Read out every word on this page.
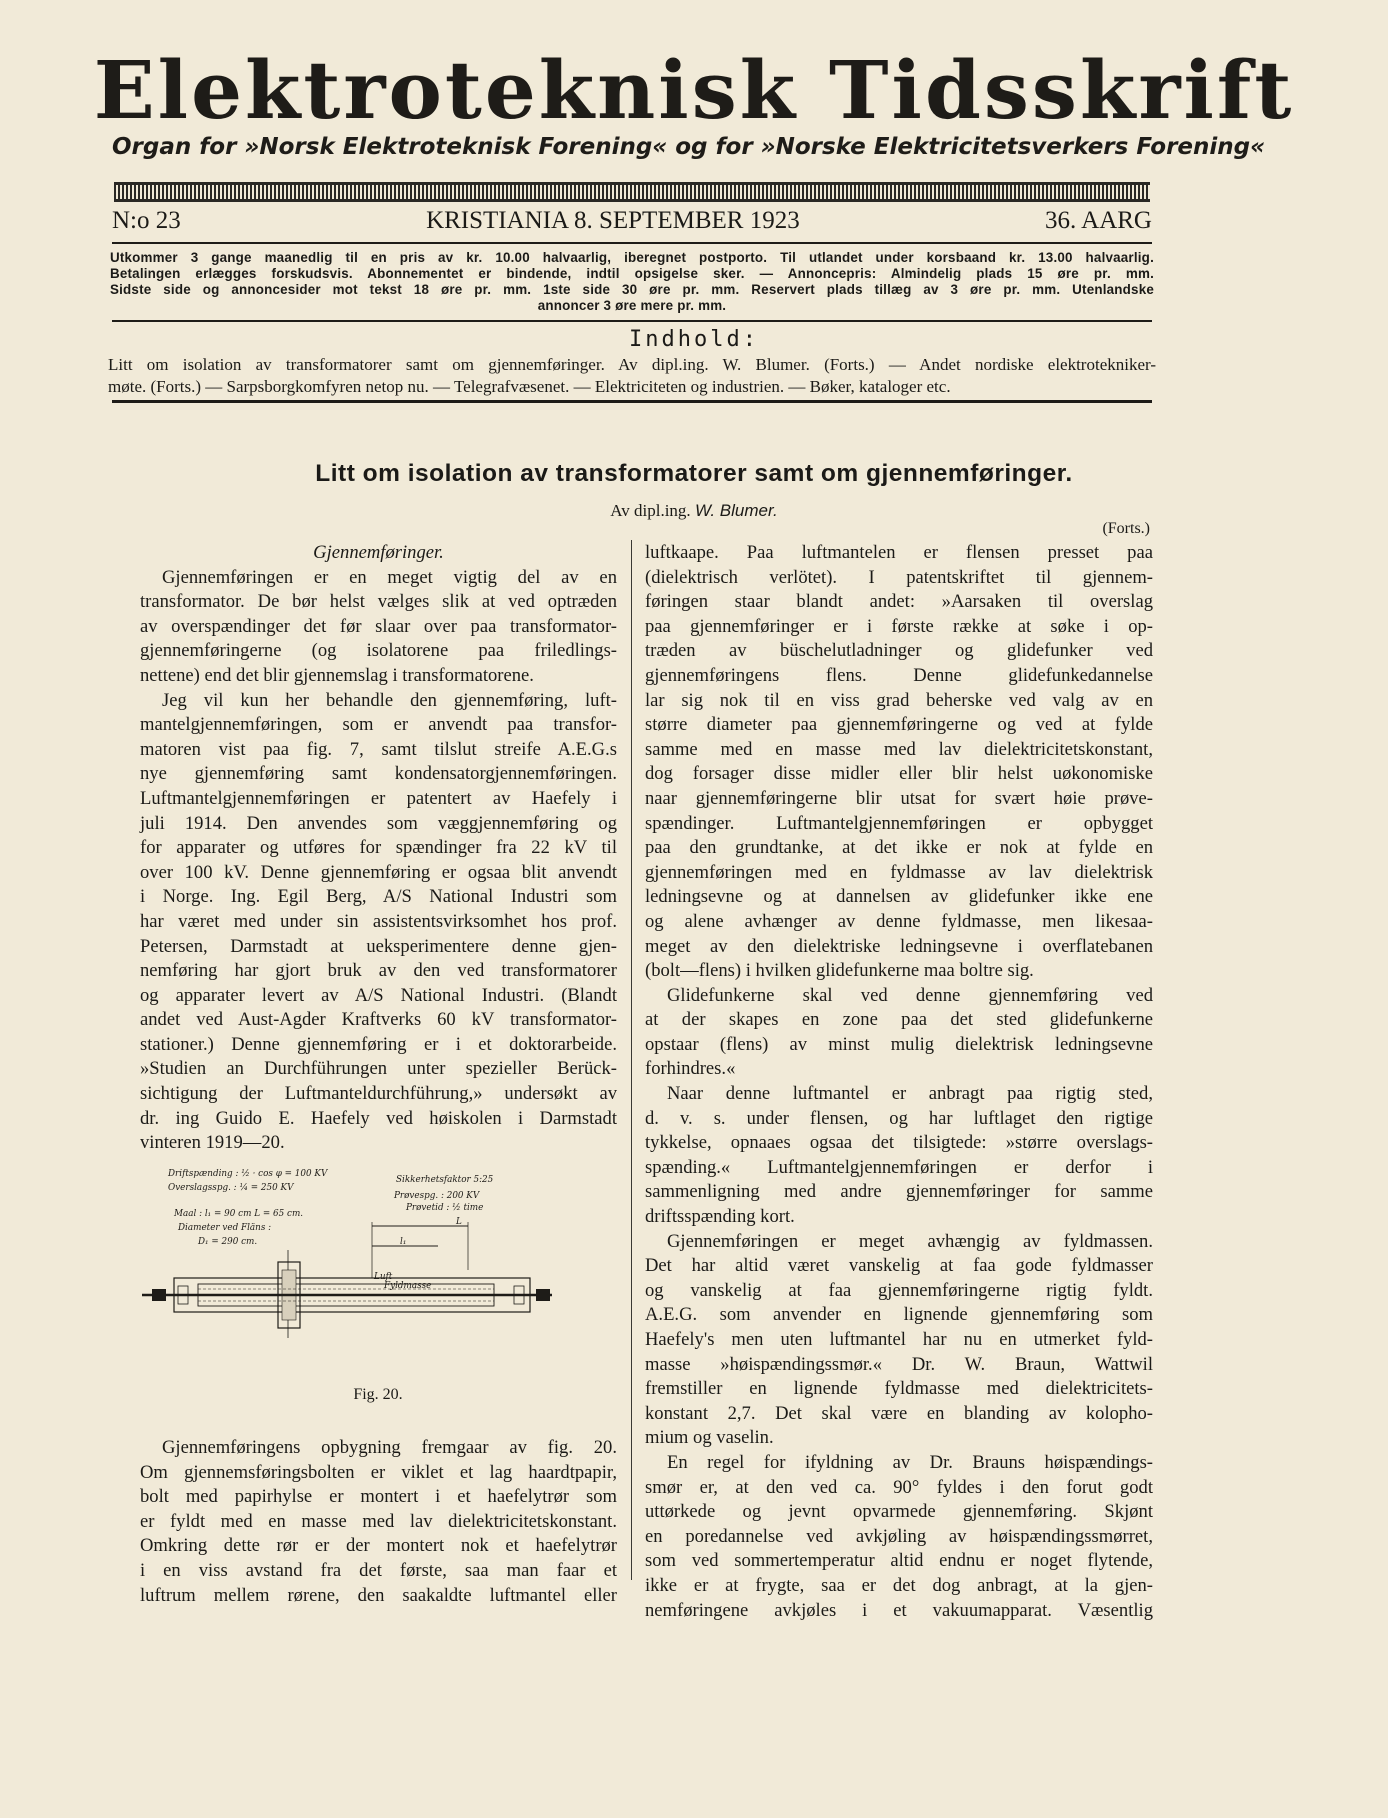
Elektroteknisk Tidsskrift
Organ for »Norsk Elektroteknisk Forening« og for »Norske Elektricitetsverkers Forening«
N:o 23	KRISTIANIA 8. SEPTEMBER 1923	36. AARG
Utkommer 3 gange maanedlig til en pris av kr. 10.00 halvaarlig, iberegnet postporto. Til utlandet under korsbaand kr. 13.00 halvaarlig.
Betalingen erlægges forskudsvis. Abonnementet er bindende, indtil opsigelse sker. — Annoncepris: Almindelig plads 15 øre pr. mm.
Sidste side og annoncesider mot tekst 18 øre pr. mm. 1ste side 30 øre pr. mm. Reservert plads tillæg av 3 øre pr. mm. Utenlandske
annoncer 3 øre mere pr. mm.
Indhold:
Litt om isolation av transformatorer samt om gjennemføringer. Av dipl.ing. W. Blumer. (Forts.) — Andet nordiske elektrotekniker-
møte. (Forts.) — Sarpsborgkomfyren netop nu. — Telegrafvæsenet. — Elektriciteten og industrien. — Bøker, kataloger etc.
Litt om isolation av transformatorer samt om gjennemføringer.
Av dipl.ing. W. Blumer.
(Forts.)
Gjennemføringer.
Gjennemføringen er en meget vigtig del av en
transformator. De bør helst vælges slik at ved optræden
av overspændinger det før slaar over paa transformator-
gjennemføringerne (og isolatorene paa friledlings-
nettene) end det blir gjennemslag i transformatorene.
Jeg vil kun her behandle den gjennemføring, luft-
mantelgjennemføringen, som er anvendt paa transfor-
matoren vist paa fig. 7, samt tilslut streife A.E.G.s
nye gjennemføring samt kondensatorgjennemføringen.
Luftmantelgjennemføringen er patentert av Haefely i
juli 1914. Den anvendes som væggjennemføring og
for apparater og utføres for spændinger fra 22 kV til
over 100 kV. Denne gjennemføring er ogsaa blit anvendt
i Norge. Ing. Egil Berg, A/S National Industri som
har været med under sin assistentsvirksomhet hos prof.
Petersen, Darmstadt at ueksperimentere denne gjen-
nemføring har gjort bruk av den ved transformatorer
og apparater levert av A/S National Industri. (Blandt
andet ved Aust-Agder Kraftverks 60 kV transformator-
stationer.) Denne gjennemføring er i et doktorarbeide.
»Studien an Durchführungen unter spezieller Berück-
sichtigung der Luftmanteldurchführung,» undersøkt av
dr. ing Guido E. Haefely ved høiskolen i Darmstadt
vinteren 1919—20.
Driftspænding : ½ · cos φ = 100 KV
Overslagsspg. : ¼ = 250 KV
Sikkerhetsfaktor 5:25
Prøvespg. : 200 KV
Prøvetid : ½ time
Maal : l₁ = 90 cm L = 65 cm.
Diameter ved Fläns :
D₁ = 290 cm.
L
l₁
Luft
Fyldmasse
Fig. 20.
Gjennemføringens opbygning fremgaar av fig. 20.
Om gjennemsføringsbolten er viklet et lag haardtpapir,
bolt med papirhylse er montert i et haefelytrør som
er fyldt med en masse med lav dielektricitetskonstant.
Omkring dette rør er der montert nok et haefelytrør
i en viss avstand fra det første, saa man faar et
luftrum mellem rørene, den saakaldte luftmantel eller
luftkaape. Paa luftmantelen er flensen presset paa
(dielektrisch verlötet). I patentskriftet til gjennem-
føringen staar blandt andet: »Aarsaken til overslag
paa gjennemføringer er i første række at søke i op-
træden av büschelutladninger og glidefunker ved
gjennemføringens flens. Denne glidefunkedannelse
lar sig nok til en viss grad beherske ved valg av en
større diameter paa gjennemføringerne og ved at fylde
samme med en masse med lav dielektricitetskonstant,
dog forsager disse midler eller blir helst uøkonomiske
naar gjennemføringerne blir utsat for svært høie prøve-
spændinger. Luftmantelgjennemføringen er opbygget
paa den grundtanke, at det ikke er nok at fylde en
gjennemføringen med en fyldmasse av lav dielektrisk
ledningsevne og at dannelsen av glidefunker ikke ene
og alene avhænger av denne fyldmasse, men likesaa-
meget av den dielektriske ledningsevne i overflatebanen
(bolt—flens) i hvilken glidefunkerne maa boltre sig.
Glidefunkerne skal ved denne gjennemføring ved
at der skapes en zone paa det sted glidefunkerne
opstaar (flens) av minst mulig dielektrisk ledningsevne
forhindres.«
Naar denne luftmantel er anbragt paa rigtig sted,
d. v. s. under flensen, og har luftlaget den rigtige
tykkelse, opnaaes ogsaa det tilsigtede: »større overslags-
spænding.« Luftmantelgjennemføringen er derfor i
sammenligning med andre gjennemføringer for samme
driftsspænding kort.
Gjennemføringen er meget avhængig av fyldmassen.
Det har altid været vanskelig at faa gode fyldmasser
og vanskelig at faa gjennemføringerne rigtig fyldt.
A.E.G. som anvender en lignende gjennemføring som
Haefely's men uten luftmantel har nu en utmerket fyld-
masse »høispændingssmør.« Dr. W. Braun, Wattwil
fremstiller en lignende fyldmasse med dielektricitets-
konstant 2,7. Det skal være en blanding av kolopho-
mium og vaselin.
En regel for ifyldning av Dr. Brauns høispændings-
smør er, at den ved ca. 90° fyldes i den forut godt
uttørkede og jevnt opvarmede gjennemføring. Skjønt
en poredannelse ved avkjøling av høispændingssmørret,
som ved sommertemperatur altid endnu er noget flytende,
ikke er at frygte, saa er det dog anbragt, at la gjen-
nemføringene avkjøles i et vakuumapparat. Væsentlig
